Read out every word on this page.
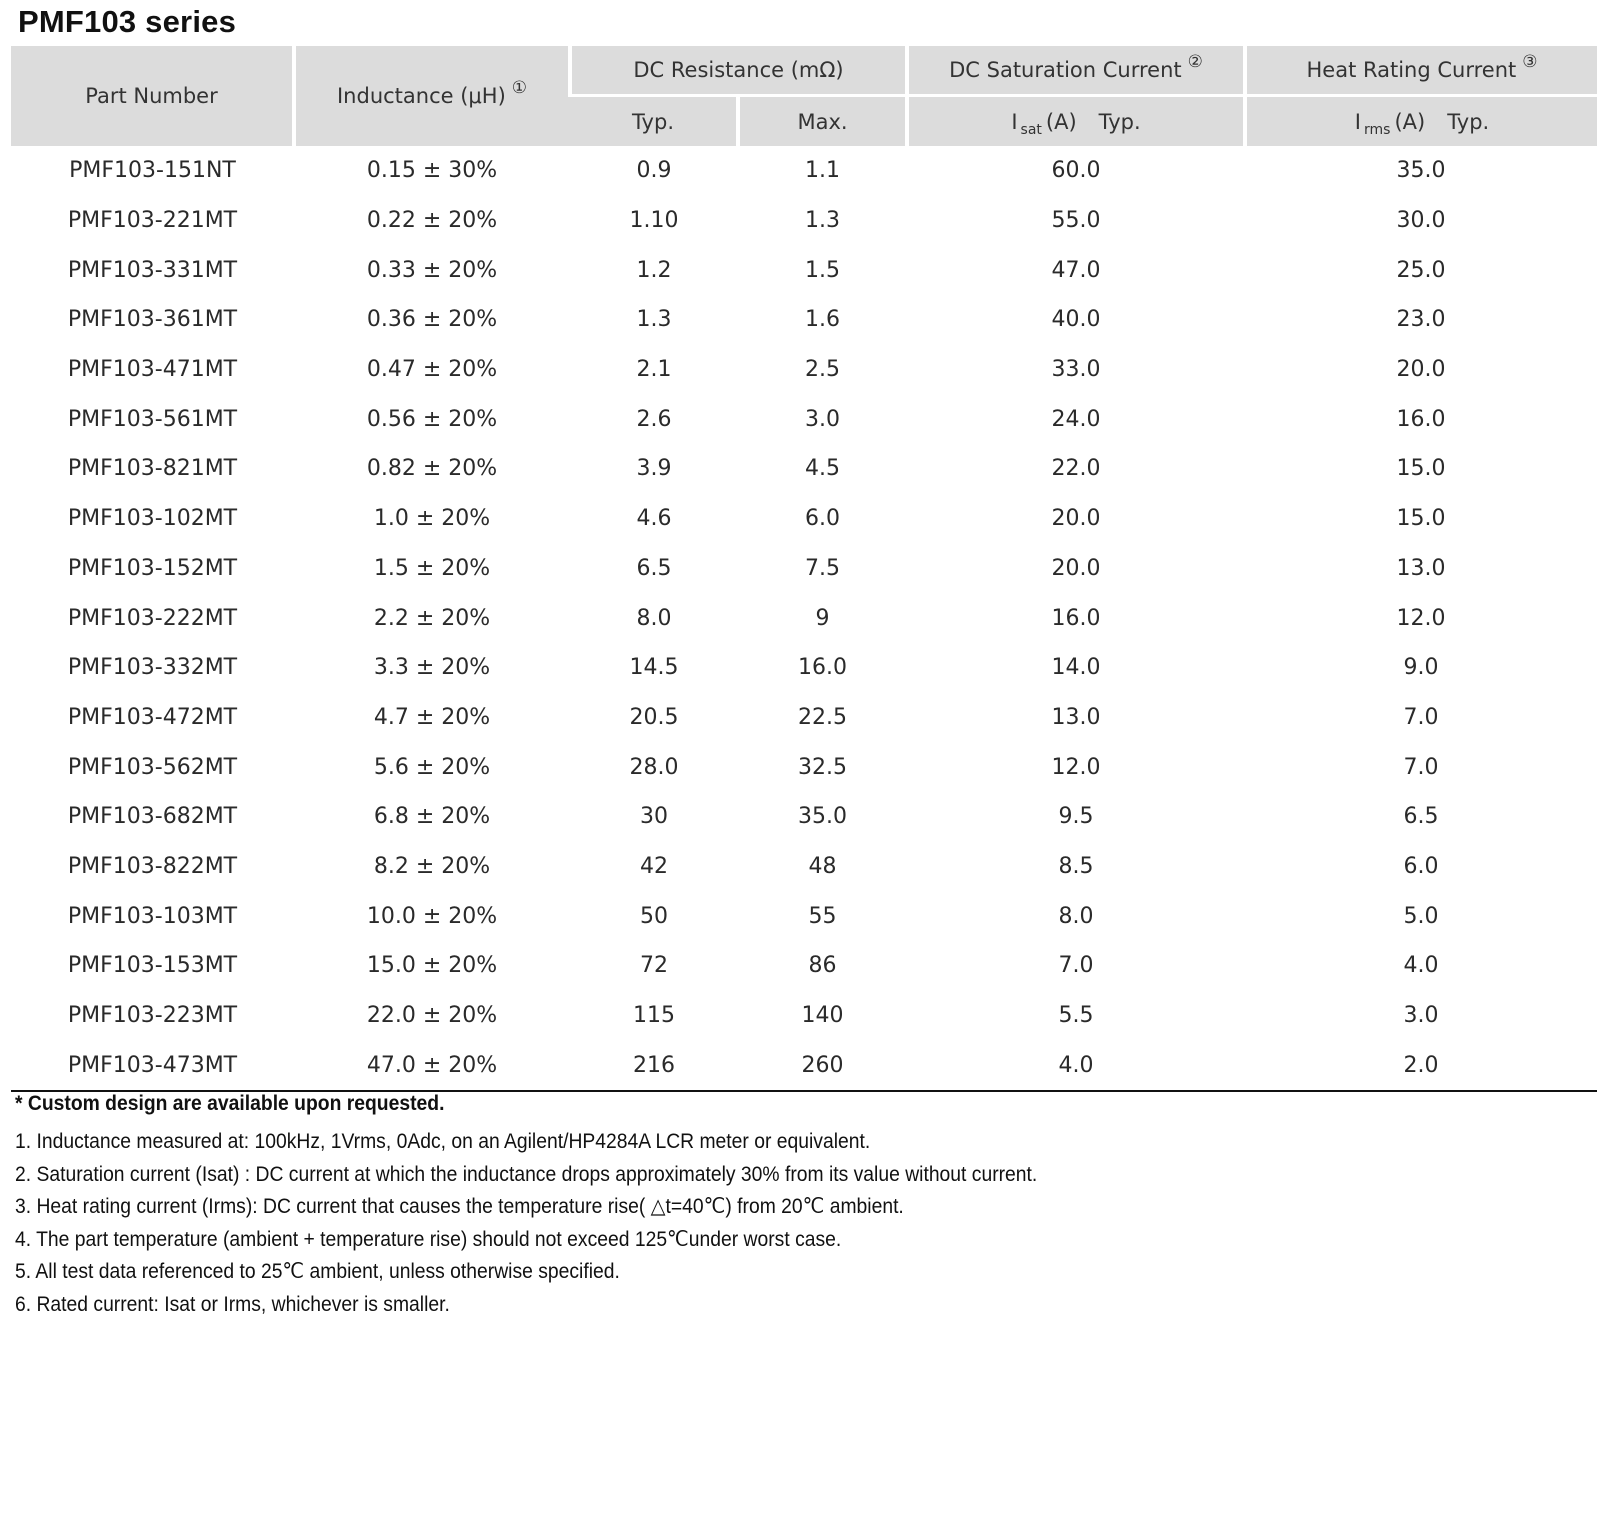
PMF103 series
Part Number	Inductance (μH) ①	DC Resistance (mΩ)		DC Saturation Current ②	Heat Rating Current ③
		Typ.	Max.	I $_{sat}$ (A) Typ.	I $_{rms}$ (A) Typ.
PMF103-151NT	0.15 ± 30%	0.9	1.1	60.0	35.0
PMF103-221MT	0.22 ± 20%	1.10	1.3	55.0	30.0
PMF103-331MT	0.33 ± 20%	1.2	1.5	47.0	25.0
PMF103-361MT	0.36 ± 20%	1.3	1.6	40.0	23.0
PMF103-471MT	0.47 ± 20%	2.1	2.5	33.0	20.0
PMF103-561MT	0.56 ± 20%	2.6	3.0	24.0	16.0
PMF103-821MT	0.82 ± 20%	3.9	4.5	22.0	15.0
PMF103-102MT	1.0 ± 20%	4.6	6.0	20.0	15.0
PMF103-152MT	1.5 ± 20%	6.5	7.5	20.0	13.0
PMF103-222MT	2.2 ± 20%	8.0	9	16.0	12.0
PMF103-332MT	3.3 ± 20%	14.5	16.0	14.0	9.0
PMF103-472MT	4.7 ± 20%	20.5	22.5	13.0	7.0
PMF103-562MT	5.6 ± 20%	28.0	32.5	12.0	7.0
PMF103-682MT	6.8 ± 20%	30	35.0	9.5	6.5
PMF103-822MT	8.2 ± 20%	42	48	8.5	6.0
PMF103-103MT	10.0 ± 20%	50	55	8.0	5.0
PMF103-153MT	15.0 ± 20%	72	86	7.0	4.0
PMF103-223MT	22.0 ± 20%	115	140	5.5	3.0
PMF103-473MT	47.0 ± 20%	216	260	4.0	2.0

* Custom design are available upon requested.

1. Inductance measured at: 100kHz, 1Vrms, 0Adc, on an Agilent/HP4284A LCR meter or equivalent.

2. Saturation current (Isat) : DC current at which the inductance drops approximately 30% from its value without current.

3. Heat rating current (Irms): DC current that causes the temperature rise( △t=40℃) from 20℃ ambient.

4. The part temperature (ambient + temperature rise) should not exceed 125℃under worst case.

5. All test data referenced to 25℃ ambient, unless otherwise specified.

6. Rated current: Isat or Irms, whichever is smaller.
